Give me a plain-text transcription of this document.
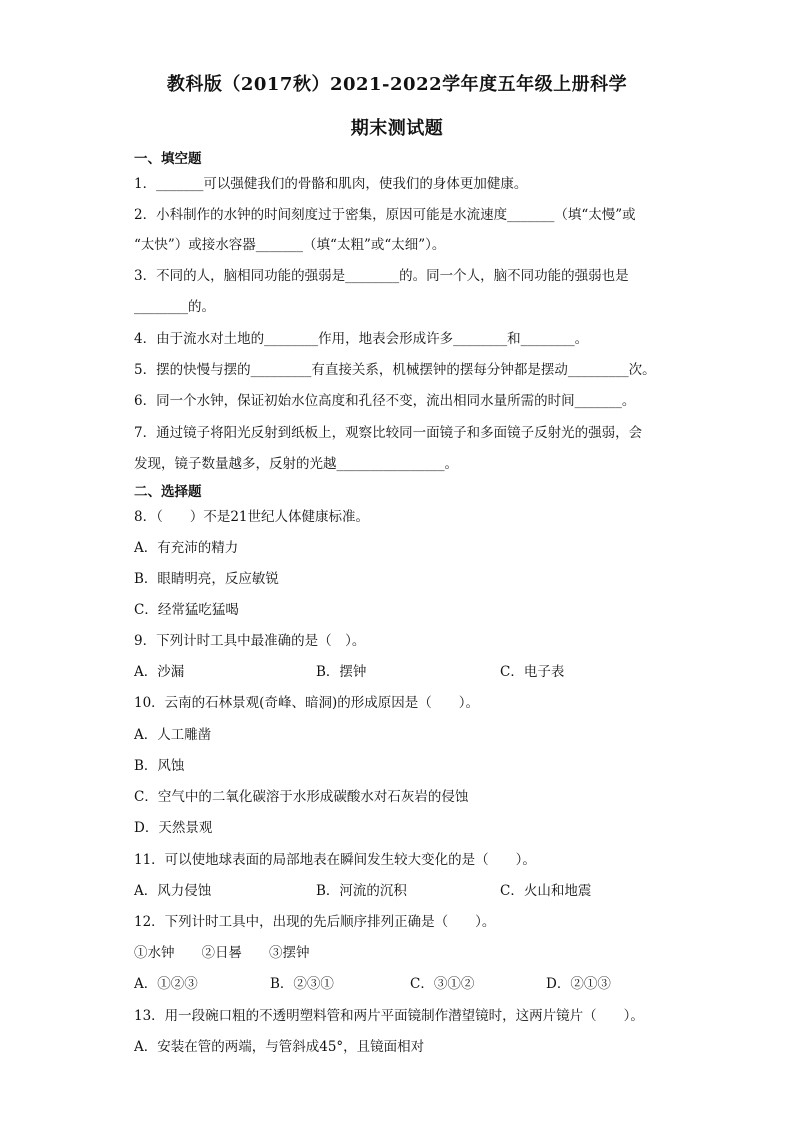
教科版（2017秋）2021-2022学年度五年级上册科学
期末测试题
一、填空题
1．_______可以强健我们的骨骼和肌肉，使我们的身体更加健康。
2．小科制作的水钟的时间刻度过于密集，原因可能是水流速度_______（填“太慢”或
“太快”）或接水容器_______（填“太粗”或“太细”）。
3．不同的人，脑相同功能的强弱是________的。同一个人，脑不同功能的强弱也是
________的。
4．由于流水对土地的________作用，地表会形成许多________和________。
5．摆的快慢与摆的_________有直接关系，机械摆钟的摆每分钟都是摆动_________次。
6．同一个水钟，保证初始水位高度和孔径不变，流出相同水量所需的时间_______。
7．通过镜子将阳光反射到纸板上，观察比较同一面镜子和多面镜子反射光的强弱，会
发现，镜子数量越多，反射的光越________________。
二、选择题
8．（　　）不是21世纪人体健康标准。
A．有充沛的精力
B．眼睛明亮，反应敏锐
C．经常猛吃猛喝
9．下列计时工具中最准确的是（　）。
A．沙漏	B．摆钟	C．电子表
10．云南的石林景观(奇峰、暗洞)的形成原因是（　　）。
A．人工雕凿
B．风蚀
C．空气中的二氧化碳溶于水形成碳酸水对石灰岩的侵蚀
D．天然景观
11．可以使地球表面的局部地表在瞬间发生较大变化的是（　　）。
A．风力侵蚀	B．河流的沉积	C．火山和地震
12．下列计时工具中，出现的先后顺序排列正确是（　　）。
①水钟　　②日晷　　③摆钟
A．①②③	B．②③①	C．③①②	D．②①③
13．用一段碗口粗的不透明塑料管和两片平面镜制作潜望镜时，这两片镜片（　　）。
A．安装在管的两端，与管斜成45°，且镜面相对
